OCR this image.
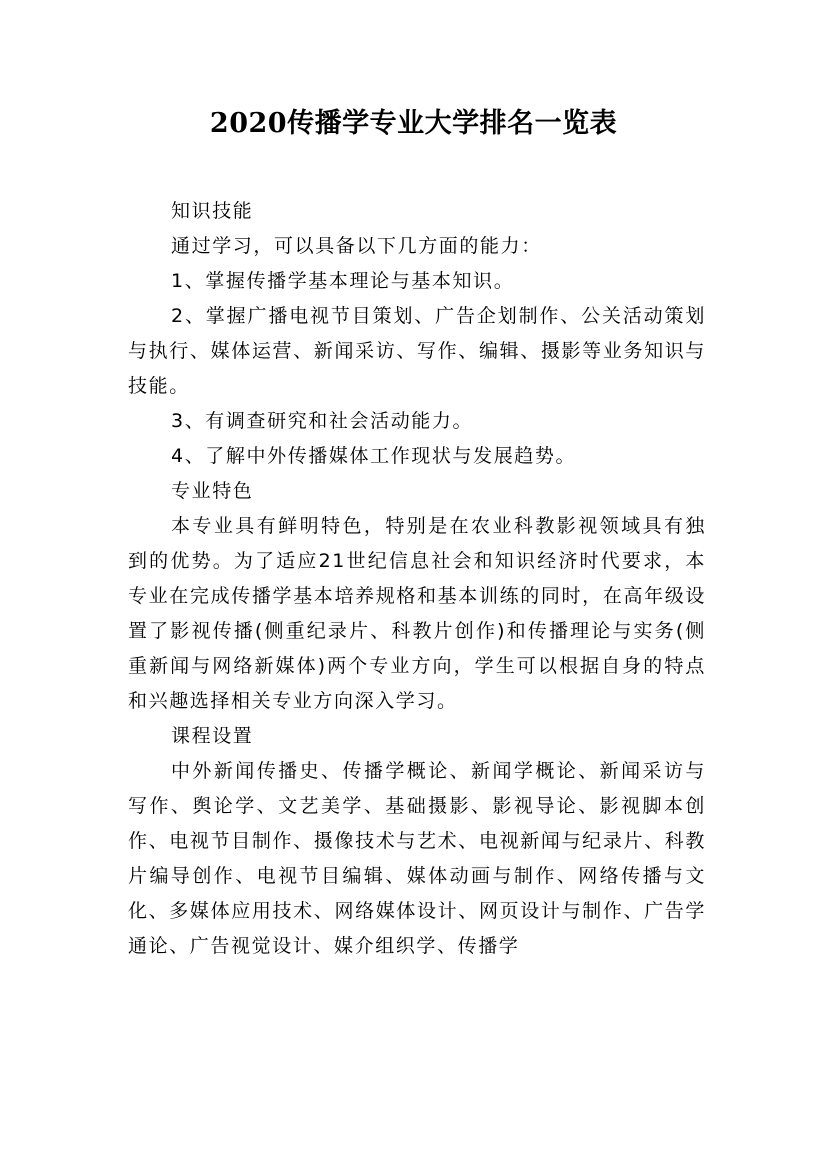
2020传播学专业大学排名一览表

知识技能

通过学习，可以具备以下几方面的能力：

1、掌握传播学基本理论与基本知识。

2、掌握广播电视节目策划、广告企划制作、公关活动策划与执行、媒体运营、新闻采访、写作、编辑、摄影等业务知识与技能。

3、有调查研究和社会活动能力。

4、了解中外传播媒体工作现状与发展趋势。

专业特色

本专业具有鲜明特色，特别是在农业科教影视领域具有独到的优势。为了适应21世纪信息社会和知识经济时代要求，本专业在完成传播学基本培养规格和基本训练的同时，在高年级设置了影视传播(侧重纪录片、科教片创作)和传播理论与实务(侧重新闻与网络新媒体)两个专业方向，学生可以根据自身的特点和兴趣选择相关专业方向深入学习。

课程设置

中外新闻传播史、传播学概论、新闻学概论、新闻采访与写作、舆论学、文艺美学、基础摄影、影视导论、影视脚本创作、电视节目制作、摄像技术与艺术、电视新闻与纪录片、科教片编导创作、电视节目编辑、媒体动画与制作、网络传播与文化、多媒体应用技术、网络媒体设计、网页设计与制作、广告学通论、广告视觉设计、媒介组织学、传播学
